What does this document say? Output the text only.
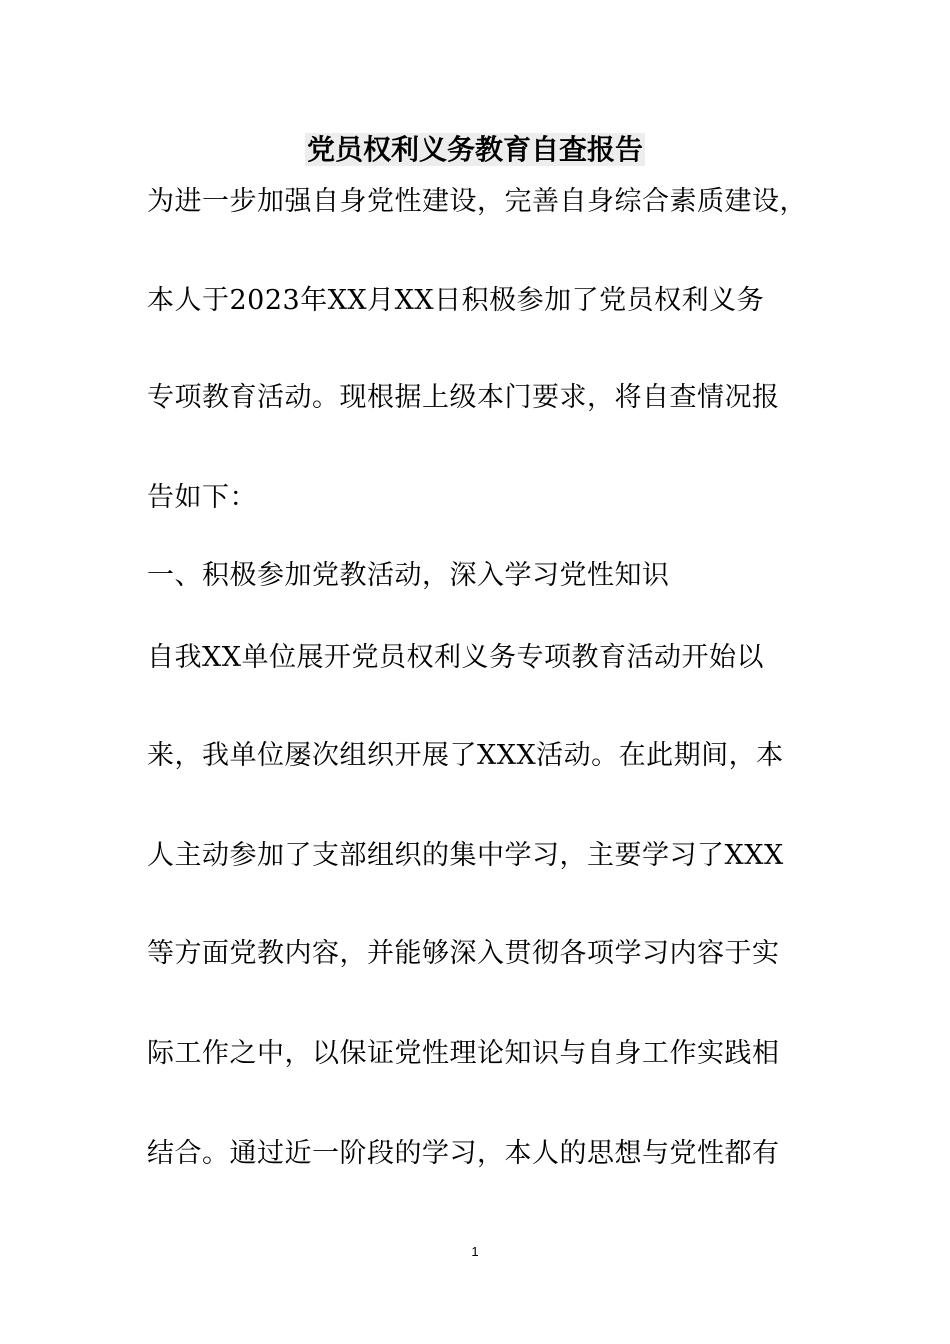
党员权利义务教育自查报告

为进一步加强自身党性建设，完善自身综合素质建设，

本人于2023年XX月XX日积极参加了党员权利义务

专项教育活动。现根据上级本门要求，将自查情况报

告如下：

一、积极参加党教活动，深入学习党性知识

自我XX单位展开党员权利义务专项教育活动开始以

来，我单位屡次组织开展了XXX活动。在此期间，本

人主动参加了支部组织的集中学习，主要学习了XXX

等方面党教内容，并能够深入贯彻各项学习内容于实

际工作之中，以保证党性理论知识与自身工作实践相

结合。通过近一阶段的学习，本人的思想与党性都有

1
